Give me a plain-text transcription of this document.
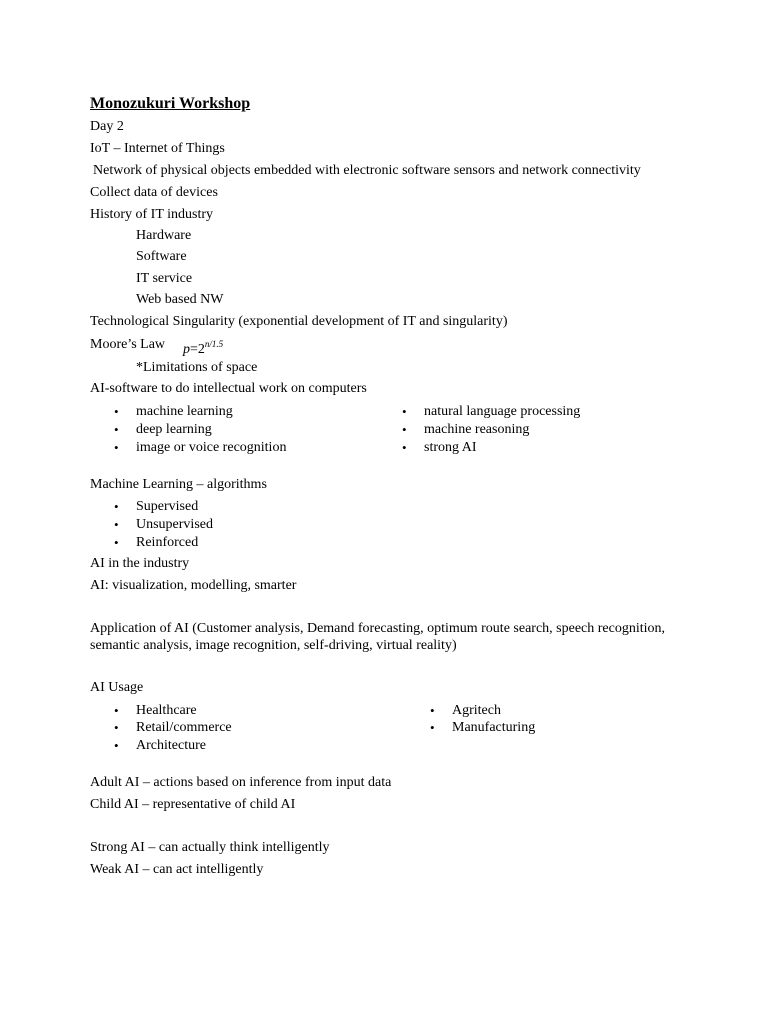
Monozukuri Workshop
Day 2
IoT – Internet of Things
Network of physical objects embedded with electronic software sensors and network connectivity
Collect data of devices
History of IT industry
Hardware
Software
IT service
Web based NW
Technological Singularity (exponential development of IT and singularity)
Moore’s Law $p=2^{n/1.5}$
*Limitations of space
AI-software to do intellectual work on computers
• machine learning
• deep learning
• image or voice recognition
• natural language processing
• machine reasoning
• strong AI
Machine Learning – algorithms
• Supervised
• Unsupervised
• Reinforced
AI in the industry
AI: visualization, modelling, smarter
Application of AI (Customer analysis, Demand forecasting, optimum route search, speech recognition, semantic analysis, image recognition, self-driving, virtual reality)
AI Usage
• Healthcare
• Retail/commerce
• Architecture
• Agritech
• Manufacturing
Adult AI – actions based on inference from input data
Child AI – representative of child AI
Strong AI – can actually think intelligently
Weak AI – can act intelligently
